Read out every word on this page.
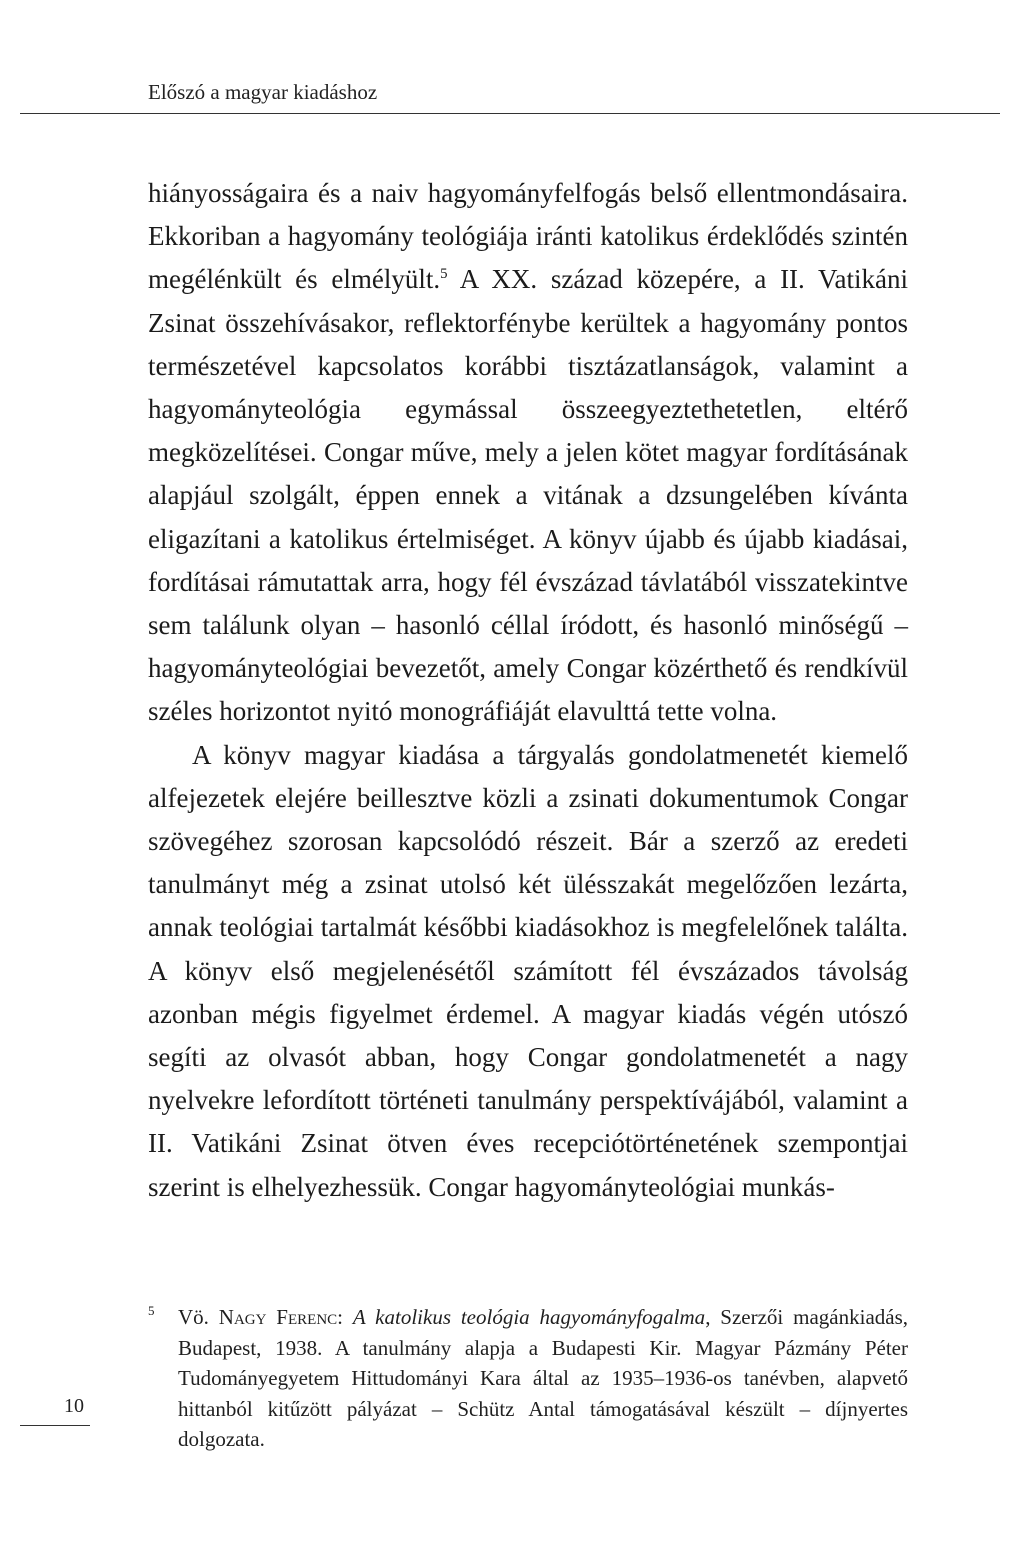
Előszó a magyar kiadáshoz

hiányosságaira és a naiv hagyományfelfogás belső ellentmondásaira. Ekkoriban a hagyomány teológiája iránti katolikus érdeklődés szintén megélénkült és elmélyült.$^5$ A XX. század közepére, a II. Vatikáni Zsinat összehívásakor, reflektorfénybe kerültek a hagyomány pontos természetével kapcsolatos korábbi tisztázatlanságok, valamint a hagyományteológia egymással összeegyeztethetetlen, eltérő megközelítései. Congar műve, mely a jelen kötet magyar fordításának alapjául szolgált, éppen ennek a vitának a dzsungelében kívánta eligazítani a katolikus értelmiséget. A könyv újabb és újabb kiadásai, fordításai rámutattak arra, hogy fél évszázad távlatából visszatekintve sem találunk olyan – hasonló céllal íródott, és hasonló minőségű – hagyományteológiai bevezetőt, amely Congar közérthető és rendkívül széles horizontot nyitó monográfiáját elavulttá tette volna.

A könyv magyar kiadása a tárgyalás gondolatmenetét kiemelő alfejezetek elejére beillesztve közli a zsinati dokumentumok Congar szövegéhez szorosan kapcsolódó részeit. Bár a szerző az eredeti tanulmányt még a zsinat utolsó két ülésszakát megelőzően lezárta, annak teológiai tartalmát későbbi kiadásokhoz is megfelelőnek találta. A könyv első megjelenésétől számított fél évszázados távolság azonban mégis figyelmet érdemel. A magyar kiadás végén utószó segíti az olvasót abban, hogy Congar gondolatmenetét a nagy nyelvekre lefordított történeti tanulmány perspektívájából, valamint a II. Vatikáni Zsinat ötven éves recepciótörténetének szempontjai szerint is elhelyezhessük. Congar hagyományteológiai munkás-

5 Vö. Nagy Ferenc: A katolikus teológia hagyományfogalma, Szerzői magánkiadás, Budapest, 1938. A tanulmány alapja a Budapesti Kir. Magyar Pázmány Péter Tudományegyetem Hittudományi Kara által az 1935–1936-os tanévben, alapvető hittanból kitűzött pályázat – Schütz Antal támogatásával készült – díjnyertes dolgozata.
10
